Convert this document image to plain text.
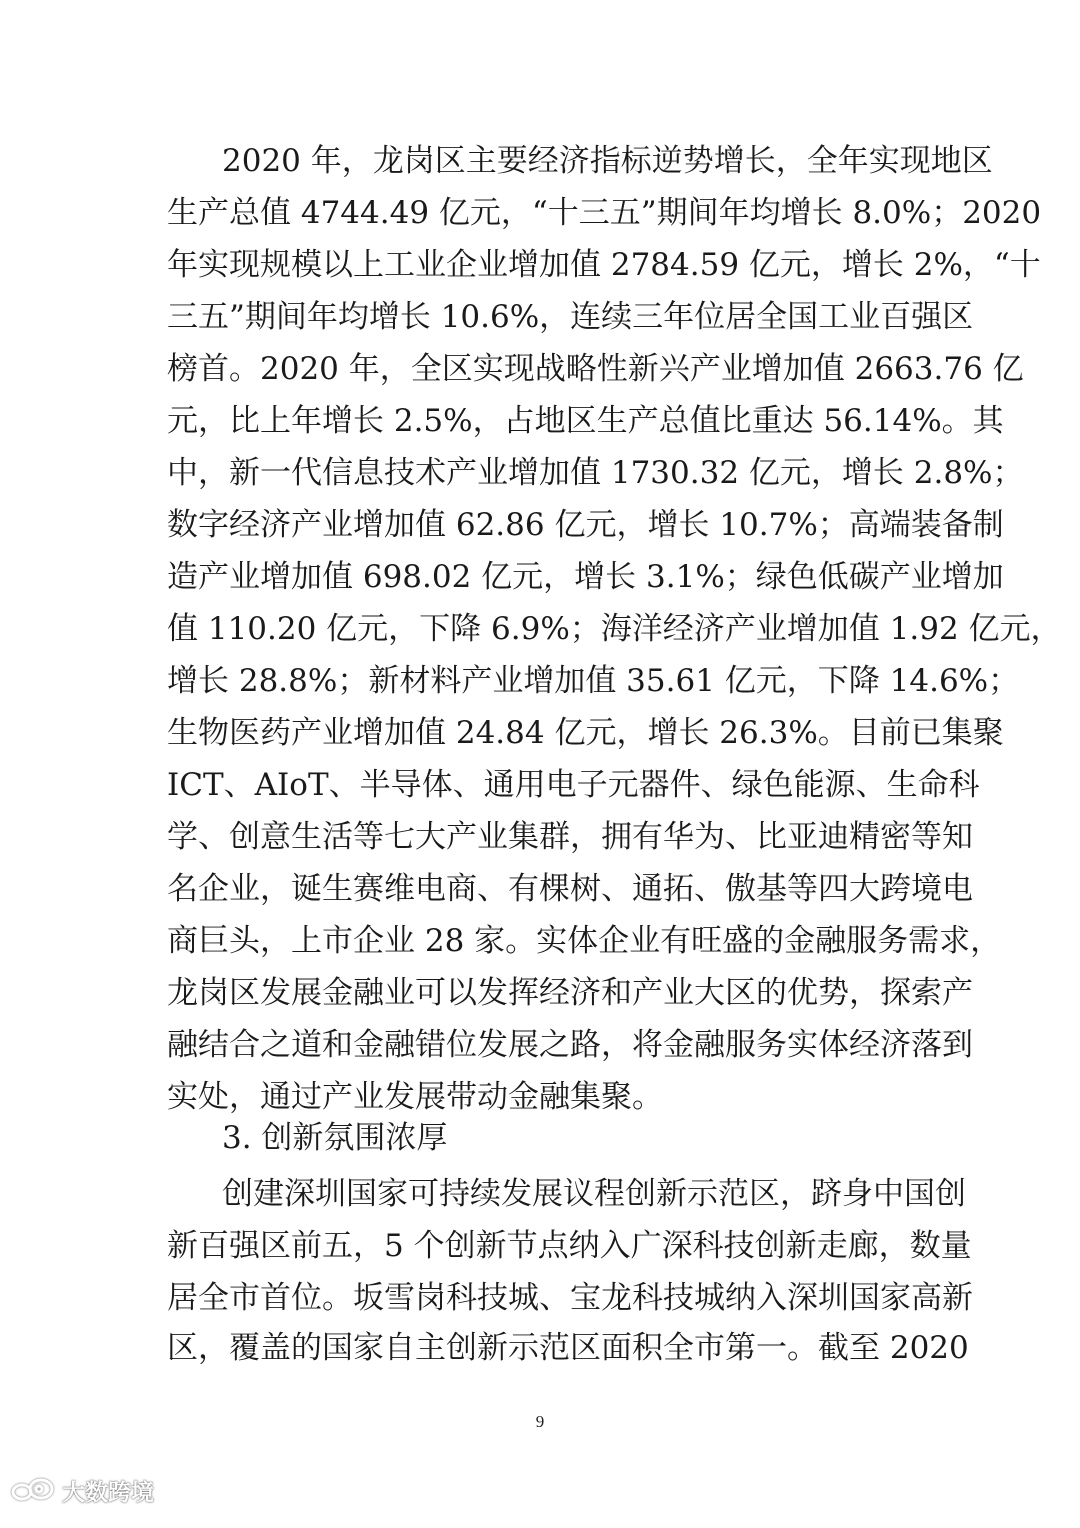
2020 年，龙岗区主要经济指标逆势增长，全年实现地区
生产总值 4744.49 亿元，“十三五”期间年均增长 8.0%；2020
年实现规模以上工业企业增加值 2784.59 亿元，增长 2%，“十
三五”期间年均增长 10.6%，连续三年位居全国工业百强区
榜首。2020 年，全区实现战略性新兴产业增加值 2663.76 亿
元，比上年增长 2.5%，占地区生产总值比重达 56.14%。其
中，新一代信息技术产业增加值 1730.32 亿元，增长 2.8%；
数字经济产业增加值 62.86 亿元，增长 10.7%；高端装备制
造产业增加值 698.02 亿元，增长 3.1%；绿色低碳产业增加
值 110.20 亿元，下降 6.9%；海洋经济产业增加值 1.92 亿元，
增长 28.8%；新材料产业增加值 35.61 亿元，下降 14.6%；
生物医药产业增加值 24.84 亿元，增长 26.3%。目前已集聚
ICT、AIoT、半导体、通用电子元器件、绿色能源、生命科
学、创意生活等七大产业集群，拥有华为、比亚迪精密等知
名企业，诞生赛维电商、有棵树、通拓、傲基等四大跨境电
商巨头，上市企业 28 家。实体企业有旺盛的金融服务需求，
龙岗区发展金融业可以发挥经济和产业大区的优势，探索产
融结合之道和金融错位发展之路，将金融服务实体经济落到
实处，通过产业发展带动金融集聚。
3. 创新氛围浓厚
创建深圳国家可持续发展议程创新示范区，跻身中国创
新百强区前五，5 个创新节点纳入广深科技创新走廊，数量
居全市首位。坂雪岗科技城、宝龙科技城纳入深圳国家高新
区，覆盖的国家自主创新示范区面积全市第一。截至 2020
9
大数跨境
